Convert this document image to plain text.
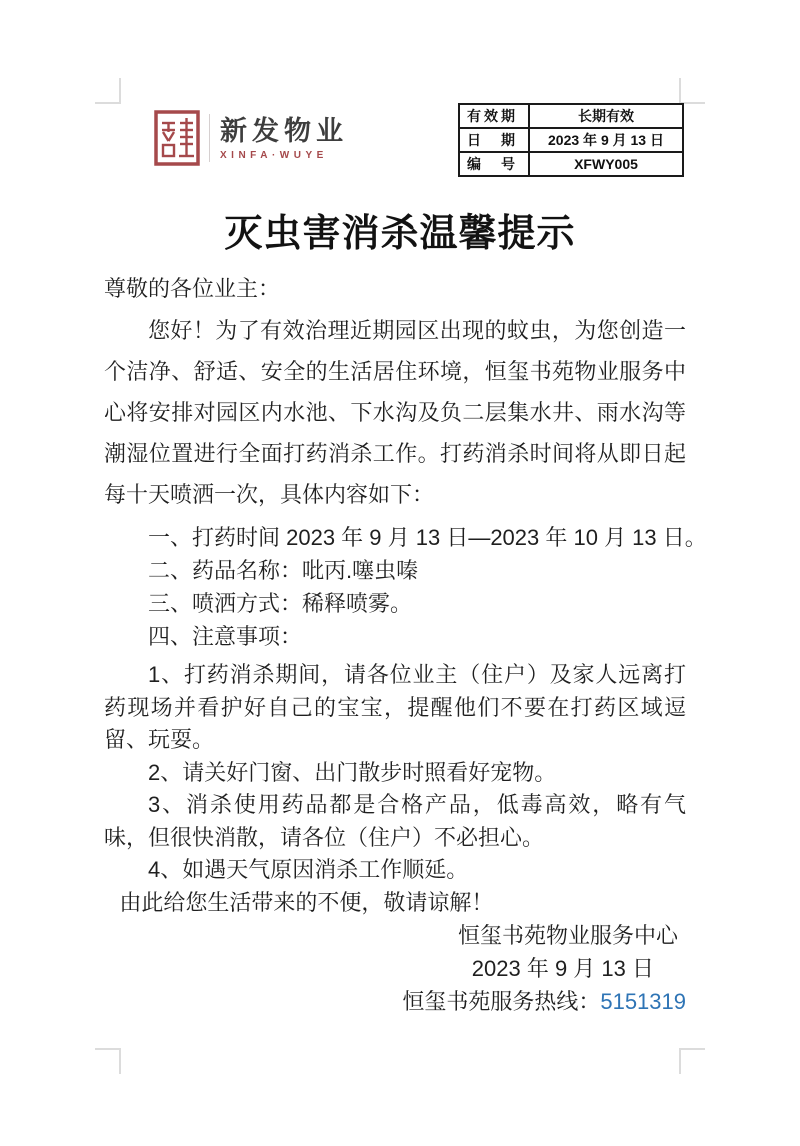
新发物业
XINFA·WUYE
有效期	长期有效
日　期	2023 年 9 月 13 日
编　号	XFWY005
灭虫害消杀温馨提示

尊敬的各位业主：

您好！为了有效治理近期园区出现的蚊虫，为您创造一个洁净、舒适、安全的生活居住环境，恒玺书苑物业服务中心将安排对园区内水池、下水沟及负二层集水井、雨水沟等潮湿位置进行全面打药消杀工作。打药消杀时间将从即日起每十天喷洒一次，具体内容如下：

一、打药时间 2023 年 9 月 13 日—2023 年 10 月 13 日。

二、药品名称：吡丙.噻虫嗪

三、喷洒方式：稀释喷雾。

四、注意事项：

1、打药消杀期间，请各位业主（住户）及家人远离打药现场并看护好自己的宝宝，提醒他们不要在打药区域逗留、玩耍。

2、请关好门窗、出门散步时照看好宠物。

3、消杀使用药品都是合格产品，低毒高效，略有气味，但很快消散，请各位（住户）不必担心。

4、如遇天气原因消杀工作顺延。

由此给您生活带来的不便，敬请谅解！

恒玺书苑物业服务中心

2023 年 9 月 13 日

恒玺书苑服务热线：5151319
